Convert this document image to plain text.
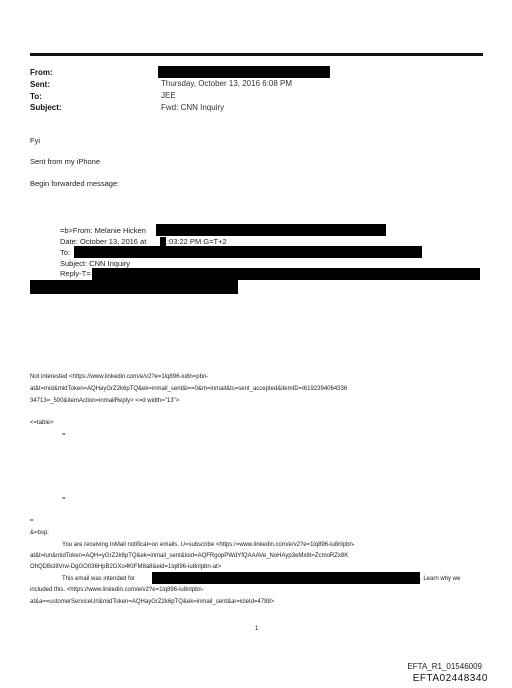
From:
Sent:
To:
Subject:
Thursday, October 13, 2016 6:08 PM
JEE
Fwd: CNN Inquiry
Fyi
Sent from my iPhone
Begin forwarded message:
=b>From: Melanie Hicken
Date: October 13, 2016 at	:03:22 PM G=T+2
To:
Subject: CNN Inquiry
Reply-T=
Not interested <https://www.linkedin.com/e/v2?e=1lq896-iu8n=pbn-
at&t=mid&midToken=AQHayGrZ2k6pTQ&ek=inmail_sent&l==0&m=inmail&ts=sent_accepted&itemID=I6192394064336
34713=_500&itemAction=inmailReply> <=d width="13">
<=table>
=
=
=
&=bsp;
You are receiving InMail notificat=on emails. U=subscribe <https:/=www.linkedin.com/e/v2?e=1lq896-iu8nlpbn-
at&t=lun&midToken=AQH=yGrZ2k6pTQ&ek=inmail_sent&loid=AQFRgopPWdYfQAAAVe_NoHAyp3eMx8t=ZcmoRZx8K
OhQDBcl8Vrw-DgGO036HpB2GXo4KtFM8a8&eid=1lq896-iu8nlpbn-at>
This email was intended for	. Learn why we
included this. <https://www.linkedin.com/e/v2?e=1lq896-iu8nlpbn-
at&a==ustomerServiceUrl&midToken=AQHayGrZ2k6pTQ&ek=inmail_sent&ar=icleId=4788>
1
EFTA_R1_01546009
EFTA02448340
